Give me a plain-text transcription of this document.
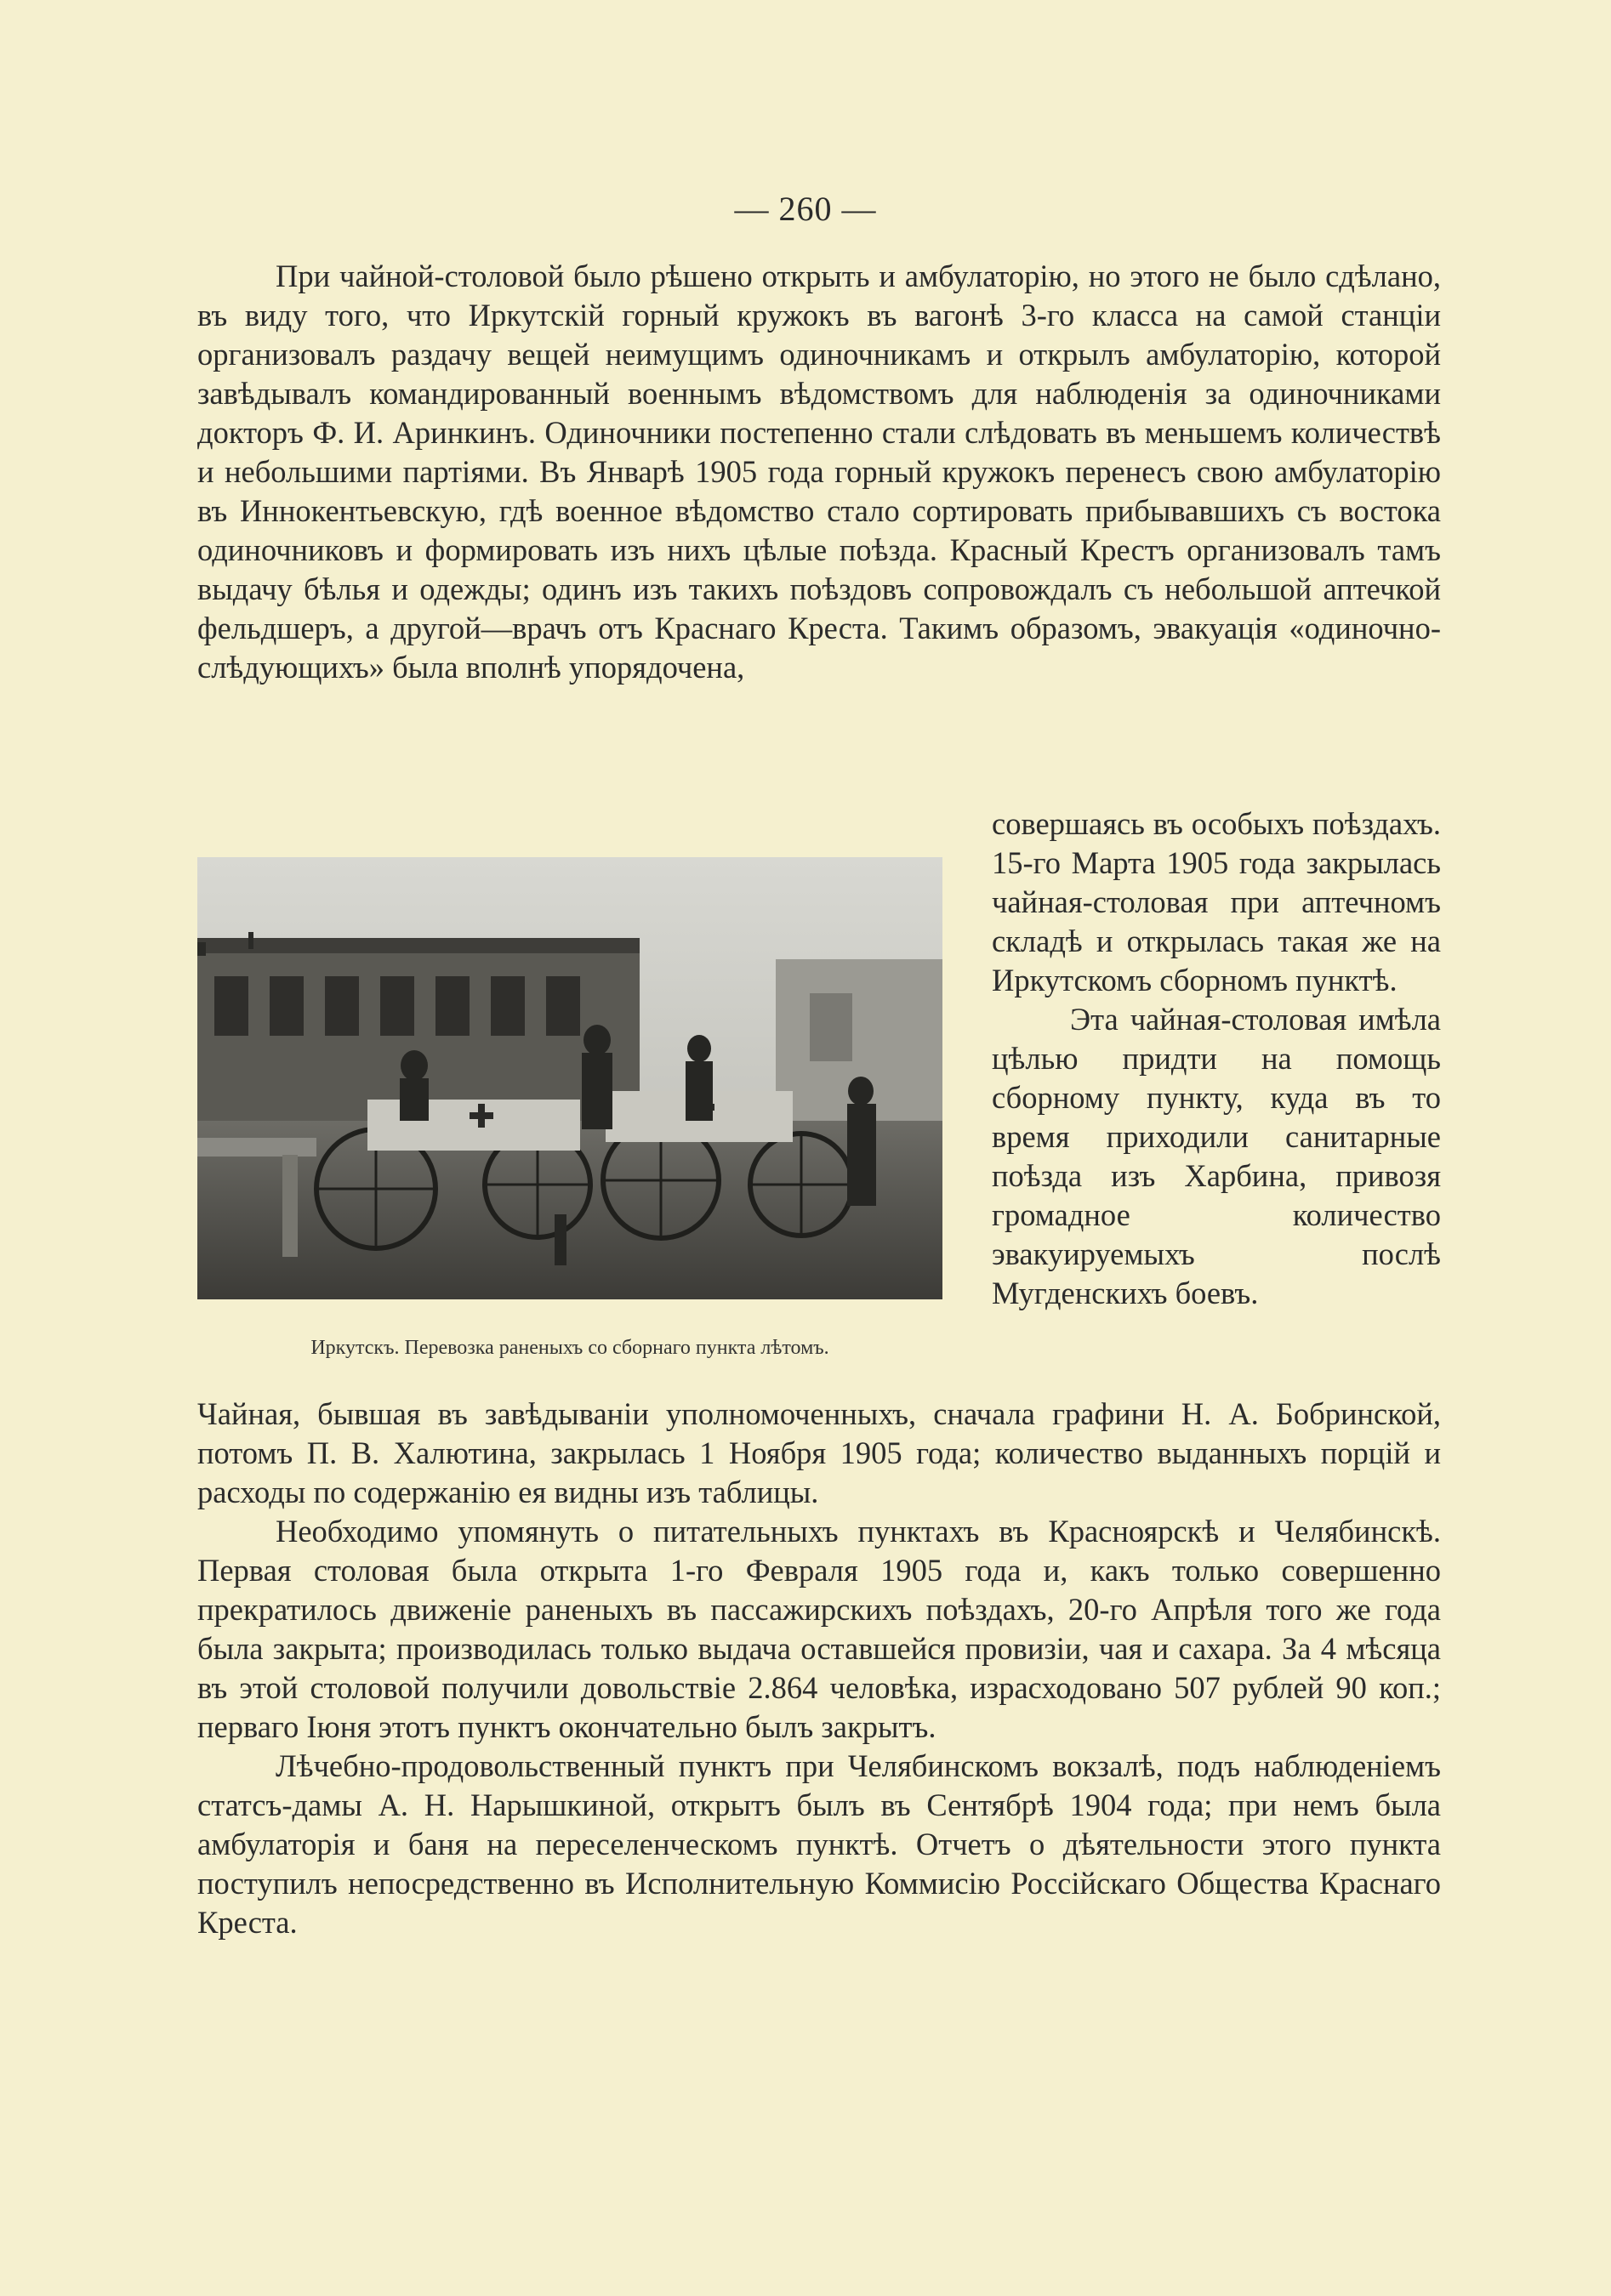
— 260 —

При чайной-столовой было рѣшено открыть и амбулаторію, но этого не было сдѣлано, въ виду того, что Иркутскій горный кружокъ въ вагонѣ 3-го класса на самой станціи организовалъ раздачу вещей неимущимъ одиночникамъ и открылъ амбулаторію, которой завѣдывалъ командированный военнымъ вѣдомствомъ для наблюденія за одиночниками докторъ Ф. И. Аринкинъ. Одиночники постепенно стали слѣдовать въ меньшемъ количествѣ и небольшими партіями. Въ Январѣ 1905 года горный кружокъ перенесъ свою амбулаторію въ Иннокентьевскую, гдѣ военное вѣдомство стало сортировать прибывавшихъ съ востока одиночниковъ и формировать изъ нихъ цѣлые поѣзда. Красный Крестъ организовалъ тамъ выдачу бѣлья и одежды; одинъ изъ такихъ поѣздовъ сопровождалъ съ небольшой аптечкой фельдшеръ, а другой—врачъ отъ Краснаго Креста. Такимъ образомъ, эвакуація «одиночно-слѣдующихъ» была вполнѣ упорядочена,

Иркутскъ. Перевозка раненыхъ со сборнаго пункта лѣтомъ.

совершаясь въ особыхъ поѣздахъ. 15-го Марта 1905 года закрылась чайная-столовая при аптечномъ складѣ и открылась такая же на Иркутскомъ сборномъ пунктѣ.

Эта чайная-столовая имѣла цѣлью придти на помощь сборному пункту, куда въ то время приходили санитарные поѣзда изъ Харбина, привозя громадное количество эвакуируемыхъ послѣ Мугденскихъ боевъ.

Чайная, бывшая въ завѣдываніи уполномоченныхъ, сначала графини Н. А. Бобринской, потомъ П. В. Халютина, закрылась 1 Ноября 1905 года; количество выданныхъ порцій и расходы по содержанію ея видны изъ таблицы.

Необходимо упомянуть о питательныхъ пунктахъ въ Красноярскѣ и Челябинскѣ. Первая столовая была открыта 1-го Февраля 1905 года и, какъ только совершенно прекратилось движеніе раненыхъ въ пассажирскихъ поѣздахъ, 20-го Апрѣля того же года была закрыта; производилась только выдача оставшейся провизіи, чая и сахара. За 4 мѣсяца въ этой столовой получили довольствіе 2.864 человѣка, израсходовано 507 рублей 90 коп.; перваго Іюня этотъ пунктъ окончательно былъ закрытъ.

Лѣчебно-продовольственный пунктъ при Челябинскомъ вокзалѣ, подъ наблюденіемъ статсъ-дамы А. Н. Нарышкиной, открытъ былъ въ Сентябрѣ 1904 года; при немъ была амбулаторія и баня на переселенческомъ пунктѣ. Отчетъ о дѣятельности этого пункта поступилъ непосредственно въ Исполнительную Коммисію Россійскаго Общества Краснаго Креста.
